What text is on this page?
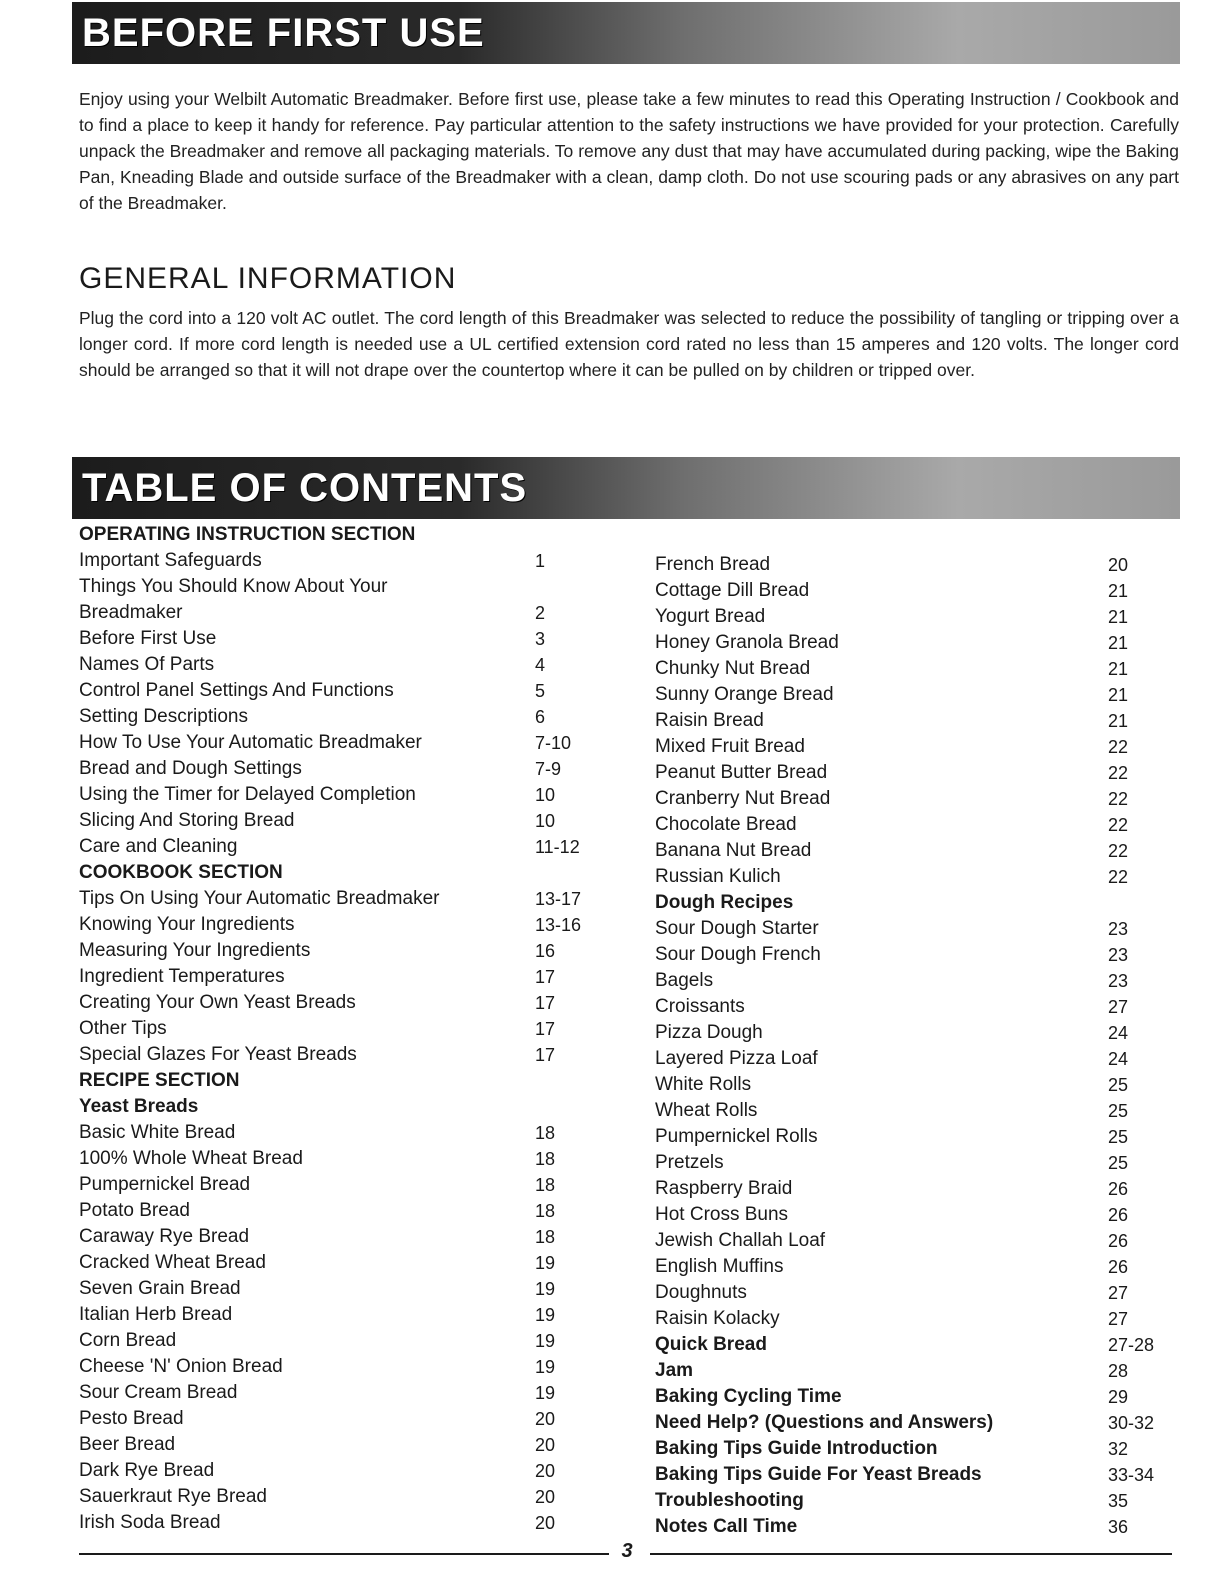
BEFORE FIRST USE

Enjoy using your Welbilt Automatic Breadmaker. Before first use, please take a few minutes to read this Operating Instruction / Cookbook and to find a place to keep it handy for reference. Pay particular attention to the safety instructions we have provided for your protection. Carefully unpack the Breadmaker and remove all packaging materials. To remove any dust that may have accumulated during packing, wipe the Baking Pan, Kneading Blade and outside surface of the Breadmaker with a clean, damp cloth. Do not use scouring pads or any abrasives on any part of the Breadmaker.

GENERAL INFORMATION

Plug the cord into a 120 volt AC outlet. The cord length of this Breadmaker was selected to reduce the possibility of tangling or tripping over a longer cord. If more cord length is needed use a UL certified extension cord rated no less than 15 amperes and 120 volts. The longer cord should be arranged so that it will not drape over the countertop where it can be pulled on by children or tripped over.

TABLE OF CONTENTS
OPERATING INSTRUCTION SECTION
Important Safeguards	1
Things You Should Know About Your
Breadmaker	2
Before First Use	3
Names Of Parts	4
Control Panel Settings And Functions	5
Setting Descriptions	6
How To Use Your Automatic Breadmaker	7-10
Bread and Dough Settings	7-9
Using the Timer for Delayed Completion	10
Slicing And Storing Bread	10
Care and Cleaning	11-12
COOKBOOK SECTION
Tips On Using Your Automatic Breadmaker	13-17
Knowing Your Ingredients	13-16
Measuring Your Ingredients	16
Ingredient Temperatures	17
Creating Your Own Yeast Breads	17
Other Tips	17
Special Glazes For Yeast Breads	17
RECIPE SECTION
Yeast Breads
Basic White Bread	18
100% Whole Wheat Bread	18
Pumpernickel Bread	18
Potato Bread	18
Caraway Rye Bread	18
Cracked Wheat Bread	19
Seven Grain Bread	19
Italian Herb Bread	19
Corn Bread	19
Cheese 'N' Onion Bread	19
Sour Cream Bread	19
Pesto Bread	20
Beer Bread	20
Dark Rye Bread	20
Sauerkraut Rye Bread	20
Irish Soda Bread	20
French Bread	20
Cottage Dill Bread	21
Yogurt Bread	21
Honey Granola Bread	21
Chunky Nut Bread	21
Sunny Orange Bread	21
Raisin Bread	21
Mixed Fruit Bread	22
Peanut Butter Bread	22
Cranberry Nut Bread	22
Chocolate Bread	22
Banana Nut Bread	22
Russian Kulich	22
Dough Recipes
Sour Dough Starter	23
Sour Dough French	23
Bagels	23
Croissants	27
Pizza Dough	24
Layered Pizza Loaf	24
White Rolls	25
Wheat Rolls	25
Pumpernickel Rolls	25
Pretzels	25
Raspberry Braid	26
Hot Cross Buns	26
Jewish Challah Loaf	26
English Muffins	26
Doughnuts	27
Raisin Kolacky	27
Quick Bread	27-28
Jam	28
Baking Cycling Time	29
Need Help? (Questions and Answers)	30-32
Baking Tips Guide Introduction	32
Baking Tips Guide For Yeast Breads	33-34
Troubleshooting	35
Notes Call Time	36
3
